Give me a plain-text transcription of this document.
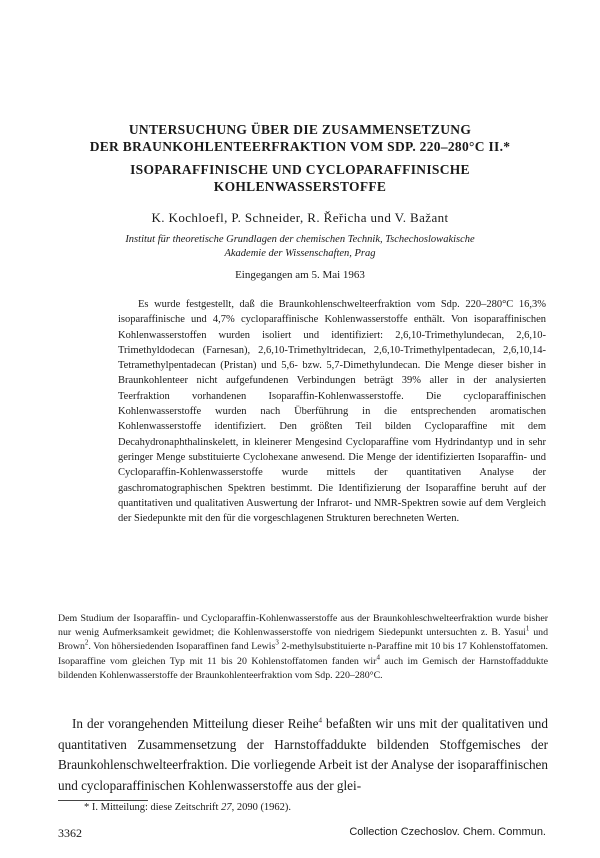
UNTERSUCHUNG ÜBER DIE ZUSAMMENSETZUNG
DER BRAUNKOHLENTEERFRAKTION VOM SDP. 220–280°C II.*
ISOPARAFFINISCHE UND CYCLOPARAFFINISCHE
KOHLENWASSERSTOFFE
K. Kochloefl, P. Schneider, R. Řeřicha und V. Bažant
Institut für theoretische Grundlagen der chemischen Technik, Tschechoslowakische
Akademie der Wissenschaften, Prag
Eingegangen am 5. Mai 1963

Es wurde festgestellt, daß die Braunkohlenschwelteerfraktion vom Sdp. 220–280°C 16,3% isoparaffinische und 4,7% cycloparaffinische Kohlenwasserstoffe enthält. Von isoparaffinischen Kohlenwasserstoffen wurden isoliert und identifiziert: 2,6,10-Trimethylundecan, 2,6,10-Trimethyldodecan (Farnesan), 2,6,10-Trimethyltridecan, 2,6,10-Trimethylpentadecan, 2,6,10,14-Tetramethylpentadecan (Pristan) und 5,6- bzw. 5,7-Dimethylundecan. Die Menge dieser bisher in Braunkohlenteer nicht aufgefundenen Verbindungen beträgt 39% aller in der analysierten Teerfraktion vorhandenen Isoparaffin-Kohlenwasserstoffe. Die cycloparaffinischen Kohlenwasserstoffe wurden nach Überführung in die entsprechenden aromatischen Kohlenwasserstoffe identifiziert. Den größten Teil bilden Cycloparaffine mit dem Decahydronaphthalinskelett, in kleinerer Mengesind Cycloparaffine vom Hydrindantyp und in sehr geringer Menge substituierte Cyclohexane anwesend. Die Menge der identifizierten Isoparaffin- und Cycloparaffin-Kohlenwasserstoffe wurde mittels der quantitativen Analyse der gaschromatographischen Spektren bestimmt. Die Identifizierung der Isoparaffine beruht auf der quantitativen und qualitativen Auswertung der Infrarot- und NMR-Spektren sowie auf dem Vergleich der Siedepunkte mit den für die vorgeschlagenen Strukturen berechneten Werten.

Dem Studium der Isoparaffin- und Cycloparaffin-Kohlenwasserstoffe aus der Braunkohleschwelteerfraktion wurde bisher nur wenig Aufmerksamkeit gewidmet; die Kohlenwasserstoffe von niedrigem Siedepunkt untersuchten z. B. Yasui$^1$ und Brown$^2$. Von höhersiedenden Isoparaffinen fand Lewis$^3$ 2-methylsubstituierte n-Paraffine mit 10 bis 17 Kohlenstoffatomen. Isoparaffine vom gleichen Typ mit 11 bis 20 Kohlenstoffatomen fanden wir$^4$ auch im Gemisch der Harnstoffaddukte bildenden Kohlenwasserstoffe der Braunkohlenteerfraktion vom Sdp. 220–280°C.

In der vorangehenden Mitteilung dieser Reihe$^4$ befaßten wir uns mit der qualitativen und quantitativen Zusammensetzung der Harnstoffaddukte bildenden Stoffgemisches der Braunkohlenschwelteerfraktion. Die vorliegende Arbeit ist der Analyse der isoparaffinischen und cycloparaffinischen Kohlenwasserstoffe aus der glei-

* I. Mitteilung: diese Zeitschrift 27, 2090 (1962).
3362	Collection Czechoslov. Chem. Commun.
